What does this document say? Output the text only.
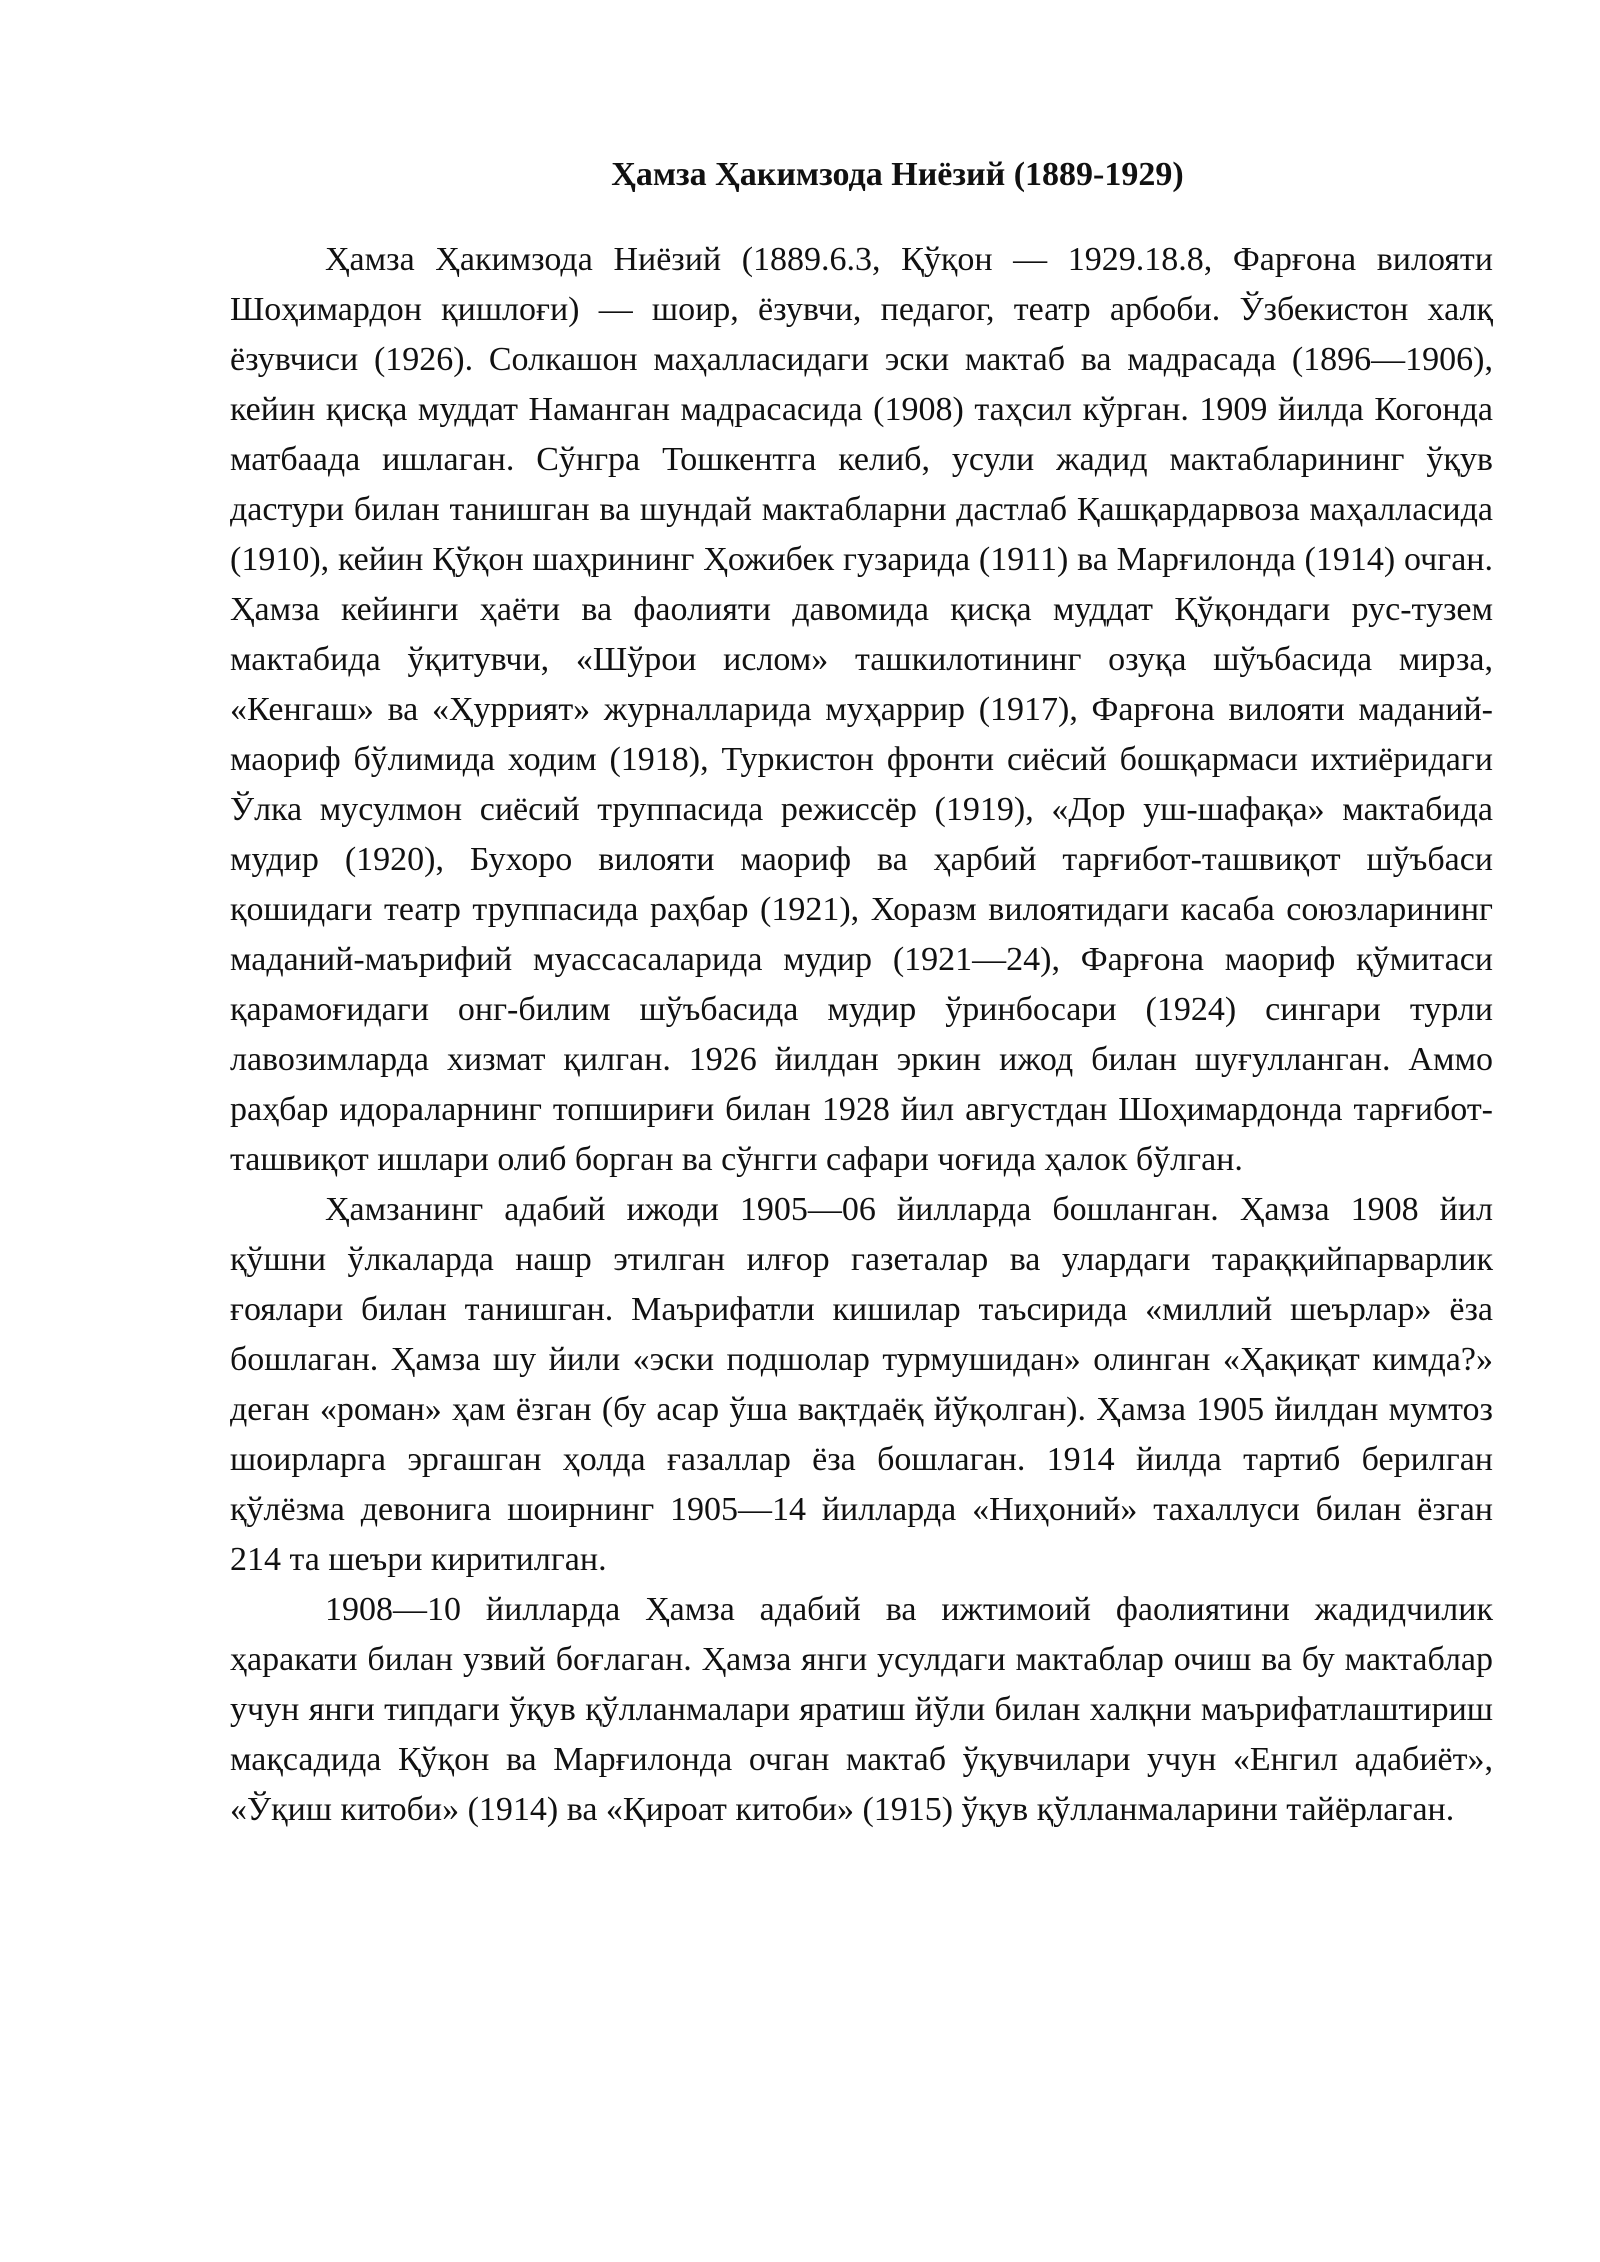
Ҳамза Ҳакимзода Ниёзий (1889-1929)

Ҳамза Ҳакимзода Ниёзий (1889.6.3, Қўқон — 1929.18.8, Фарғона вилояти Шоҳимардон қишлоғи) — шоир, ёзувчи, педагог, театр арбоби. Ўзбекистон халқ ёзувчиси (1926). Солкашон маҳалласидаги эски мактаб ва мадрасада (1896—1906), кейин қисқа муддат Наманган мадрасасида (1908) таҳсил кўрган. 1909 йилда Когонда матбаада ишлаган. Сўнгра Тошкентга келиб, усули жадид мактабларининг ўқув дастури билан танишган ва шундай мактабларни дастлаб Қашқардарвоза маҳалласида (1910), кейин Қўқон шаҳрининг Ҳожибек гузарида (1911) ва Марғилонда (1914) очган. Ҳамза кейинги ҳаёти ва фаолияти давомида қисқа муддат Қўқондаги рус-тузем мактабида ўқитувчи, «Шўрои ислом» ташкилотининг озуқа шўъбасида мирза, «Кенгаш» ва «Ҳуррият» журналларида муҳаррир (1917), Фарғона вилояти маданий-маориф бўлимида ходим (1918), Туркистон фронти сиёсий бошқармаси ихтиёридаги Ўлка мусулмон сиёсий труппасида режиссёр (1919), «Дор уш-шафақа» мактабида мудир (1920), Бухоро вилояти маориф ва ҳарбий тарғибот-ташвиқот шўъбаси қошидаги театр труппасида раҳбар (1921), Хоразм вилоятидаги касаба союзларининг маданий-маърифий муассасаларида мудир (1921—24), Фарғона маориф қўмитаси қарамоғидаги онг-билим шўъбасида мудир ўринбосари (1924) сингари турли лавозимларда хизмат қилган. 1926 йилдан эркин ижод билан шуғулланган. Аммо раҳбар идораларнинг топшириғи билан 1928 йил августдан Шоҳимардонда тарғибот-ташвиқот ишлари олиб борган ва сўнгги сафари чоғида ҳалок бўлган.

Ҳамзанинг адабий ижоди 1905—06 йилларда бошланган. Ҳамза 1908 йил қўшни ўлкаларда нашр этилган илғор газеталар ва улардаги тараққийпарварлик ғоялари билан танишган. Маърифатли кишилар таъсирида «миллий шеърлар» ёза бошлаган. Ҳамза шу йили «эски подшолар турмушидан» олинган «Ҳақиқат кимда?» деган «роман» ҳам ёзган (бу асар ўша вақтдаёқ йўқолган). Ҳамза 1905 йилдан мумтоз шоирларга эргашган ҳолда ғазаллар ёза бошлаган. 1914 йилда тартиб берилган қўлёзма девонига шоирнинг 1905—14 йилларда «Ниҳоний» тахаллуси билан ёзган 214 та шеъри киритилган.

1908—10 йилларда Ҳамза адабий ва ижтимоий фаолиятини жадидчилик ҳаракати билан узвий боғлаган. Ҳамза янги усулдаги мактаблар очиш ва бу мактаблар учун янги типдаги ўқув қўлланмалари яратиш йўли билан халқни маърифатлаштириш мақсадида Қўқон ва Марғилонда очган мактаб ўқувчилари учун «Енгил адабиёт», «Ўқиш китоби» (1914) ва «Қироат китоби» (1915) ўқув қўлланмаларини тайёрлаган.
